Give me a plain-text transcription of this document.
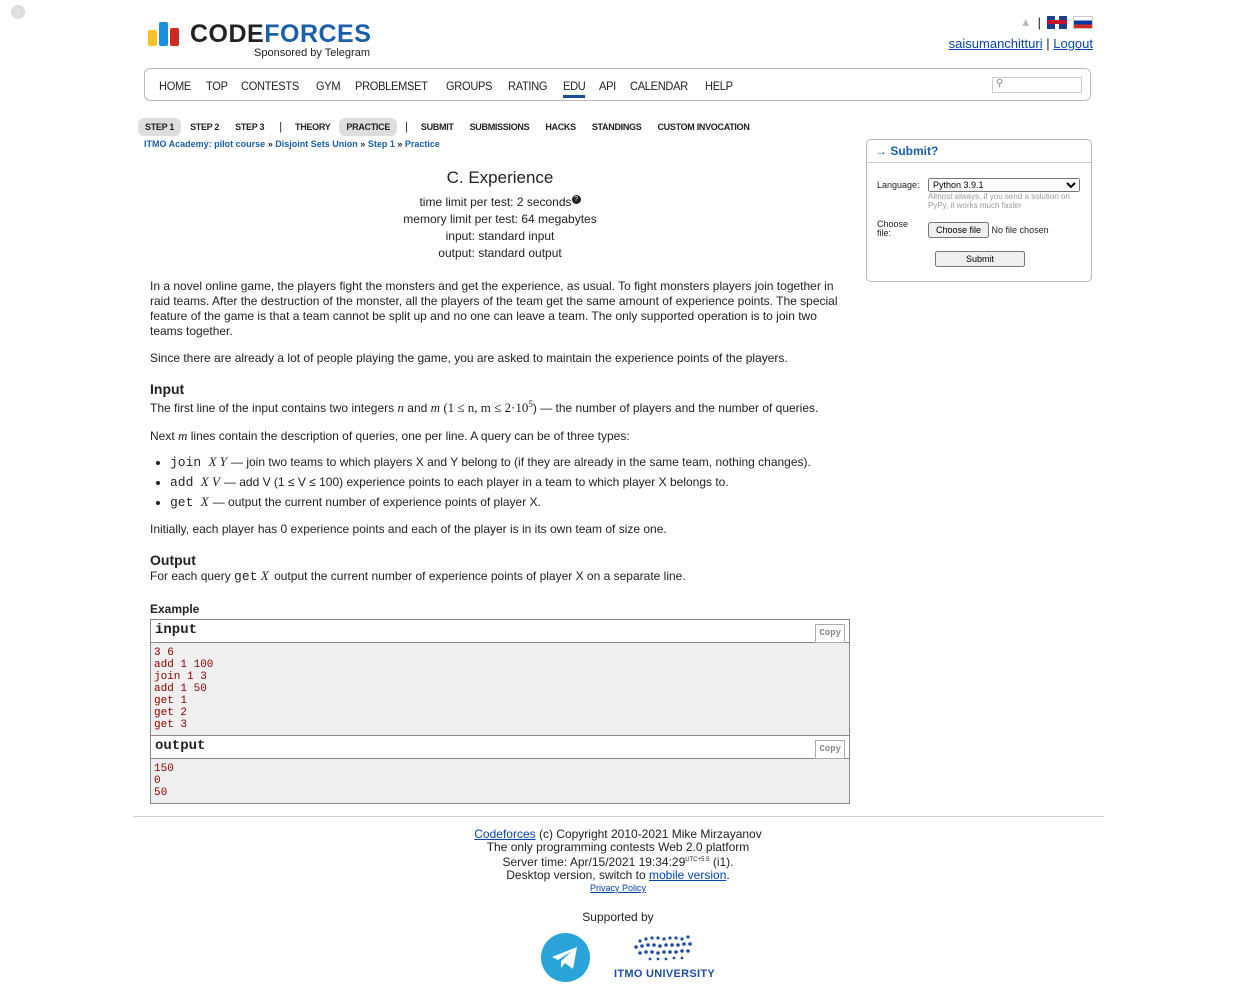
↑
CODEFORCES
Sponsored by Telegram
▲ |
saisumanchitturi | Logout
HOME TOP CONTESTS GYM PROBLEMSET GROUPS RATING EDU API CALENDAR HELP	⚲
STEP 1	STEP 2	STEP 3	|	THEORY	PRACTICE	|	SUBMIT	SUBMISSIONS	HACKS	STANDINGS	CUSTOM INVOCATION
ITMO Academy: pilot course » Disjoint Sets Union » Step 1 » Practice
C. Experience
time limit per test: 2 seconds ?
memory limit per test: 64 megabytes
input: standard input
output: standard output
In a novel online game, the players fight the monsters and get the experience, as usual. To fight monsters players join together in raid teams. After the destruction of the monster, all the players of the team get the same amount of experience points. The special feature of the game is that a team cannot be split up and no one can leave a team. The only supported operation is to join two teams together.
Since there are already a lot of people playing the game, you are asked to maintain the experience points of the players.
Input
The first line of the input contains two integers n and m (1 ≤ n, $m \le 2\cdot 10^5$) — the number of players and the number of queries.
Next m lines contain the description of queries, one per line. A query can be of three types:
• join X Y — join two teams to which players X and Y belong to (if they are already in the same team, nothing changes).
• add X V — add V (1 ≤ V ≤ 100) experience points to each player in a team to which player X belongs to.
• get X — output the current number of experience points of player X.
Initially, each player has 0 experience points and each of the player is in its own team of size one.
Output
For each query get X output the current number of experience points of player X on a separate line.
Example
input	Copy
3 6
add 1 100
join 1 3
add 1 50
get 1
get 2
get 3
output	Copy
150
0
50
→ Submit?
Language:
Python 3.9.1
Almost always, if you send a solution on PyPy, it works much faster
Choose file:	Choose file No file chosen
Submit
Codeforces (c) Copyright 2010-2021 Mike Mirzayanov
The only programming contests Web 2.0 platform
Server time: Apr/15/2021 $19:34:29^{UTC+5.5}$ (i1).
Desktop version, switch to mobile version.
Privacy Policy
Supported by
ITMO UNIVERSITY
